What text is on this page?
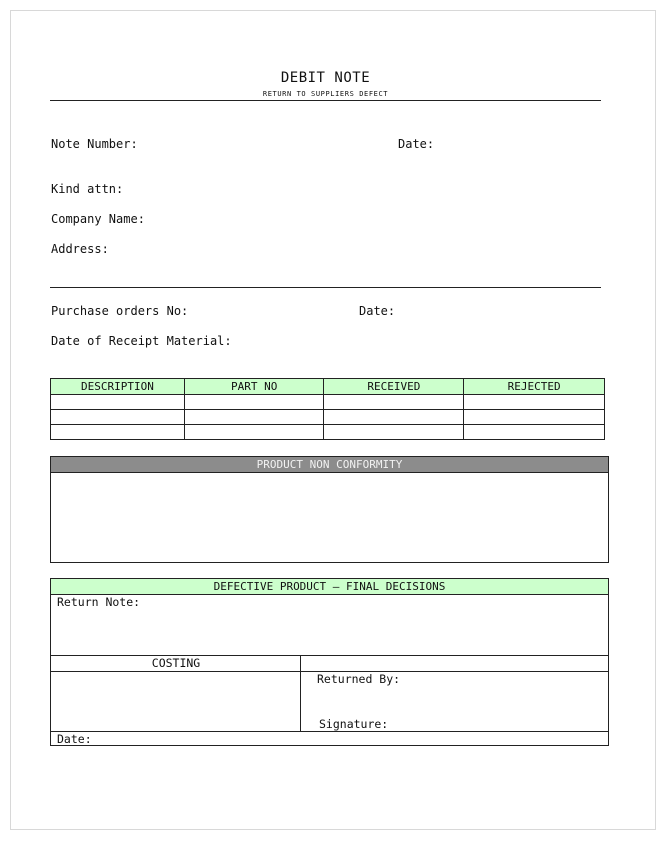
DEBIT NOTE
RETURN TO SUPPLIERS DEFECT
Note Number:	Date:
Kind attn:
Company Name:
Address:
Purchase orders No:	Date:
Date of Receipt Material:
DESCRIPTION	PART NO	RECEIVED	REJECTED

PRODUCT NON CONFORMITY
DEFECTIVE PRODUCT – FINAL DECISIONS
Return Note:
COSTING
Returned By:
Signature:
Date:
